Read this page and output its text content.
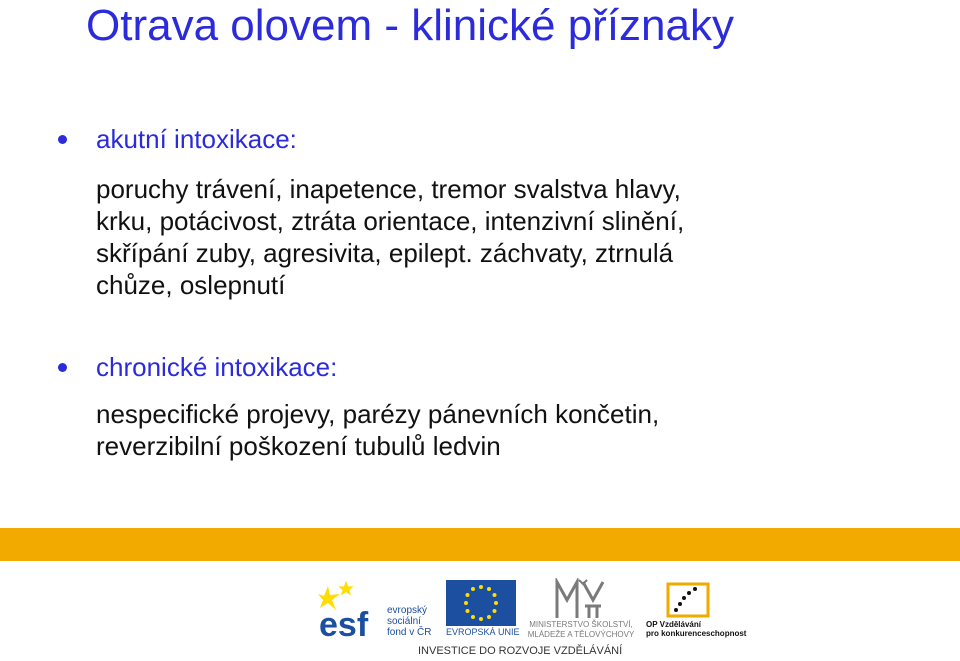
Otrava olovem - klinické příznaky
akutní intoxikace:
poruchy trávení, inapetence, tremor svalstva hlavy,
krku, potácivost, ztráta orientace, intenzivní slinění,
skřípání zuby, agresivita, epilept. záchvaty, ztrnulá
chůze, oslepnutí
chronické intoxikace:
nespecifické projevy, parézy pánevních končetin,
reverzibilní poškození tubulů ledvin
esf evropský
sociální
fond v ČR EVROPSKÁ UNIE
MINISTERSTVO ŠKOLSTVÍ,
MLÁDEŽE A TĚLOVÝCHOVY
OP Vzdělávání
pro konkurenceschopnost
INVESTICE DO ROZVOJE VZDĚLÁVÁNÍ
